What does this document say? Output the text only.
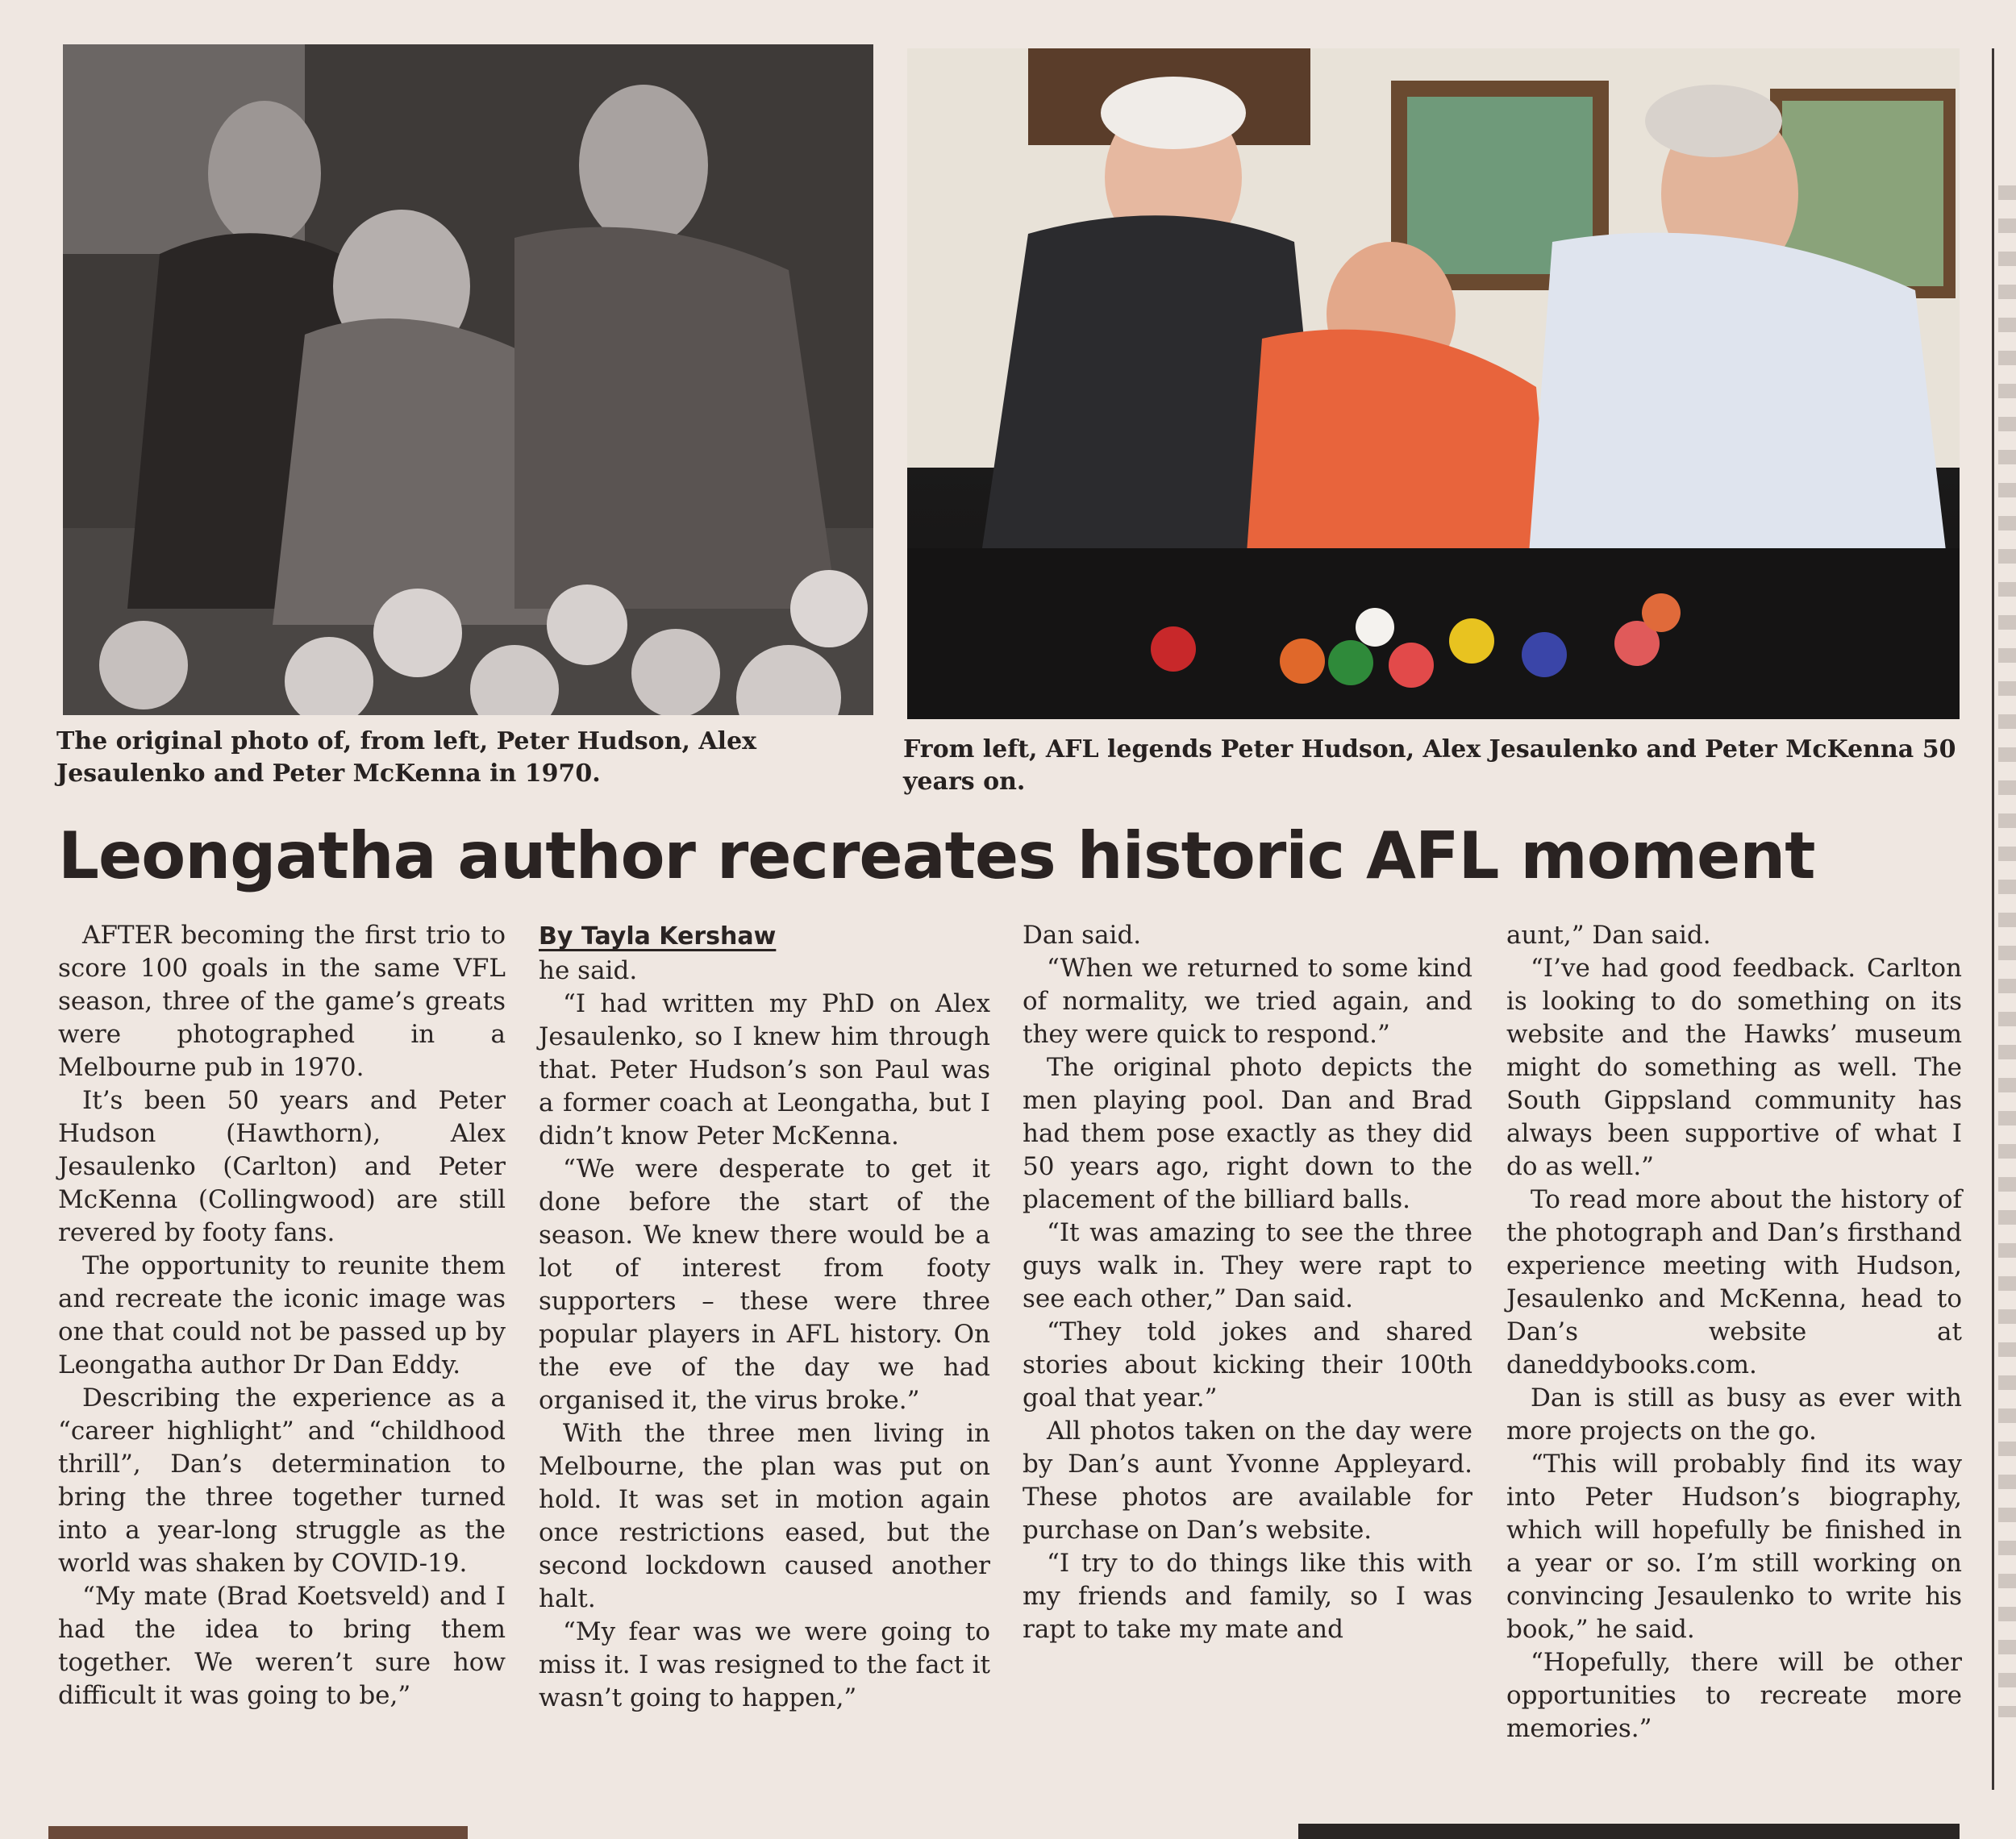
The original photo of, from left, Peter Hudson, Alex Jesaulenko and Peter McKenna in 1970.
From left, AFL legends Peter Hudson, Alex Jesaulenko and Peter McKenna 50 years on.
Leongatha author recreates historic AFL moment

AFTER becoming the first trio to score 100 goals in the same VFL season, three of the game’s greats were photographed in a Melbourne pub in 1970.

It’s been 50 years and Peter Hudson (Hawthorn), Alex Jesaulenko (Carlton) and Peter McKenna (Collingwood) are still revered by footy fans.

The opportunity to reunite them and recreate the iconic image was one that could not be passed up by Leongatha author Dr Dan Eddy.

Describing the experience as a “career highlight” and “childhood thrill”, Dan’s determination to bring the three together turned into a year-long struggle as the world was shaken by COVID-19.

“My mate (Brad Koetsveld) and I had the idea to bring them together. We weren’t sure how difficult it was going to be,”

By Tayla Kershaw

he said.

“I had written my PhD on Alex Jesaulenko, so I knew him through that. Peter Hudson’s son Paul was a former coach at Leongatha, but I didn’t know Peter McKenna.

“We were desperate to get it done before the start of the season. We knew there would be a lot of interest from footy supporters – these were three popular players in AFL history. On the eve of the day we had organised it, the virus broke.”

With the three men living in Melbourne, the plan was put on hold. It was set in motion again once restrictions eased, but the second lockdown caused another halt.

“My fear was we were going to miss it. I was resigned to the fact it wasn’t going to happen,”

Dan said.

“When we returned to some kind of normality, we tried again, and they were quick to respond.”

The original photo depicts the men playing pool. Dan and Brad had them pose exactly as they did 50 years ago, right down to the placement of the billiard balls.

“It was amazing to see the three guys walk in. They were rapt to see each other,” Dan said.

“They told jokes and shared stories about kicking their 100th goal that year.”

All photos taken on the day were by Dan’s aunt Yvonne Appleyard. These photos are available for purchase on Dan’s website.

“I try to do things like this with my friends and family, so I was rapt to take my mate and

aunt,” Dan said.

“I’ve had good feedback. Carlton is looking to do something on its website and the Hawks’ museum might do something as well. The South Gippsland community has always been supportive of what I do as well.”

To read more about the history of the photograph and Dan’s firsthand experience meeting with Hudson, Jesaulenko and McKenna, head to Dan’s website at daneddybooks.com.

Dan is still as busy as ever with more projects on the go.

“This will probably find its way into Peter Hudson’s biography, which will hopefully be finished in a year or so. I’m still working on convincing Jesaulenko to write his book,” he said.

“Hopefully, there will be other opportunities to recreate more memories.”
